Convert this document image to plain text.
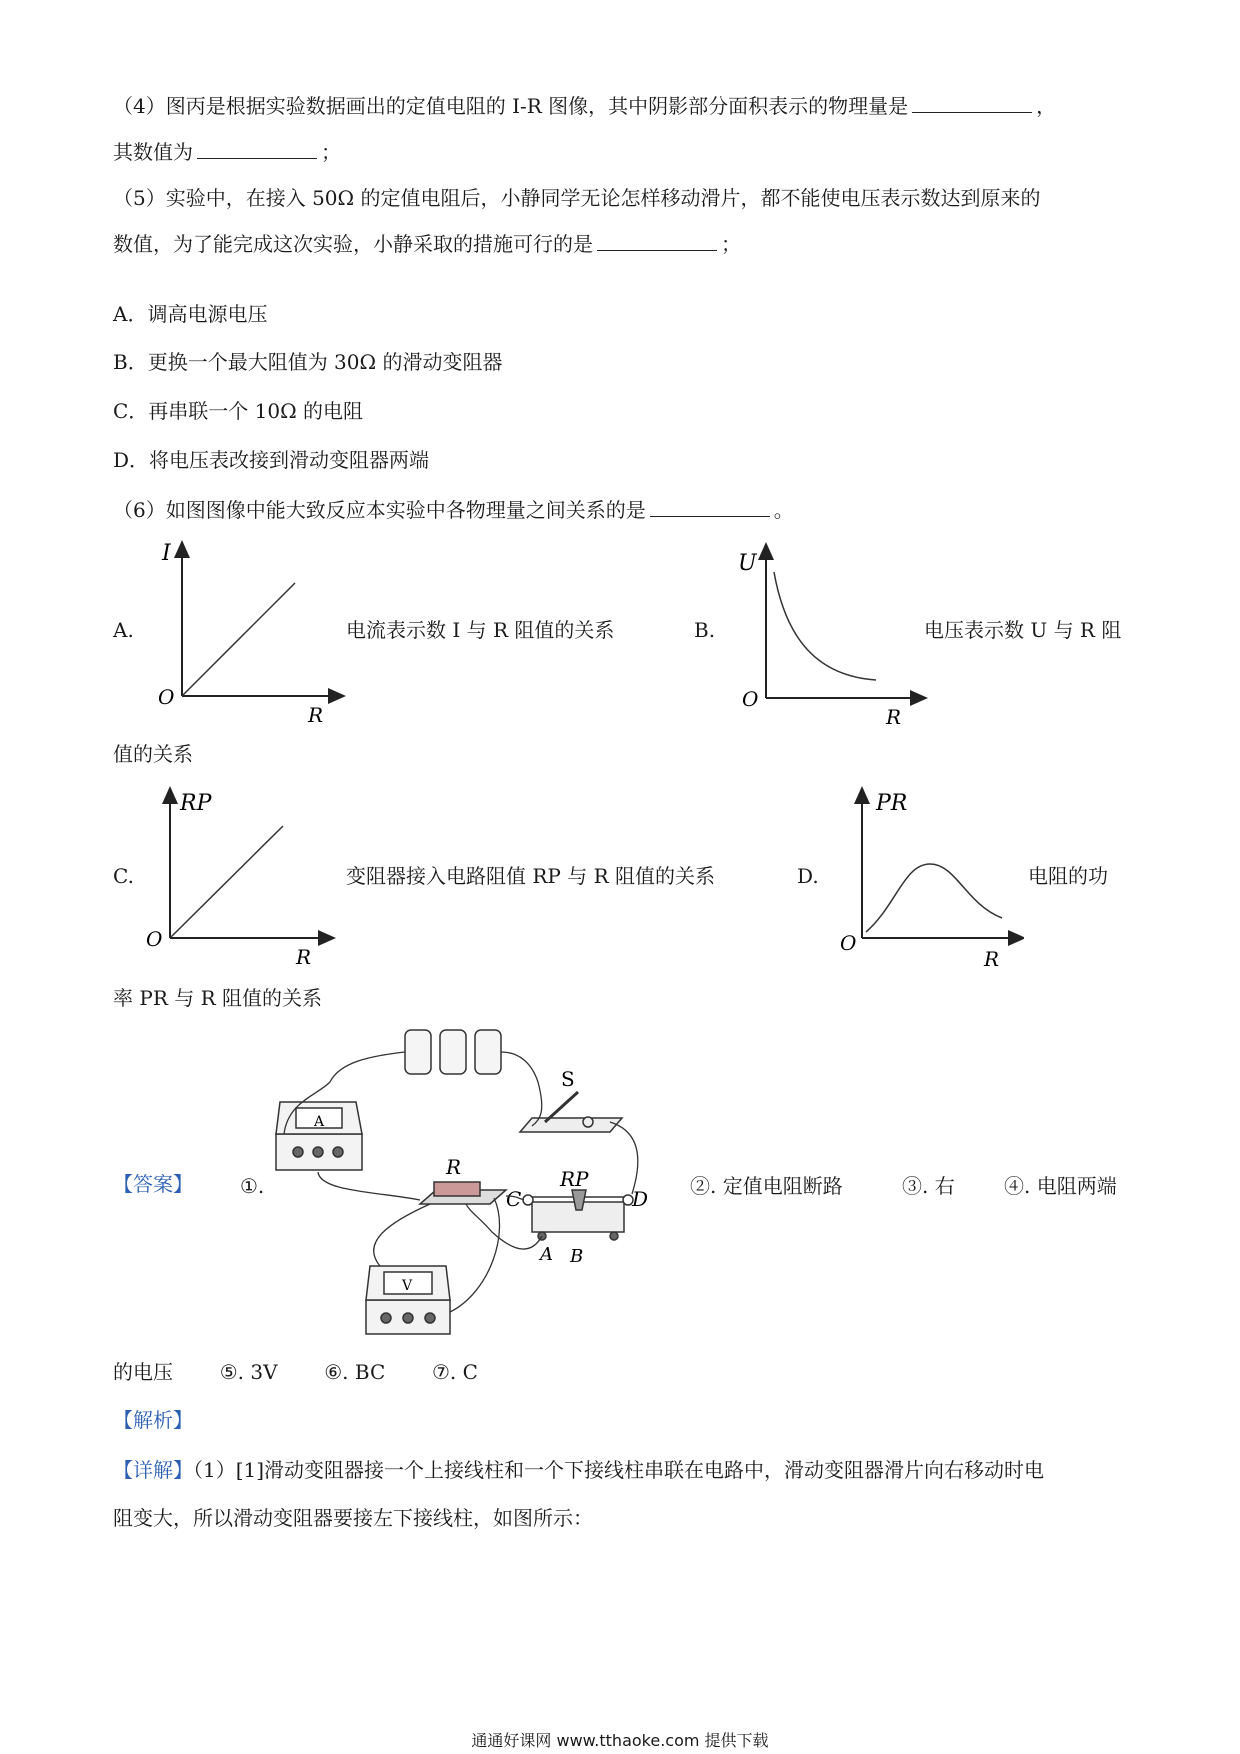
（4）图丙是根据实验数据画出的定值电阻的 I-R 图像，其中阴影部分面积表示的物理量是	，
其数值为	；
（5）实验中，在接入 50Ω 的定值电阻后，小静同学无论怎样移动滑片，都不能使电压表示数达到原来的
数值，为了能完成这次实验，小静采取的措施可行的是	；
A．调高电源电压
B．更换一个最大阻值为 30Ω 的滑动变阻器
C．再串联一个 10Ω 的电阻
D．将电压表改接到滑动变阻器两端
（6）如图图像中能大致反应本实验中各物理量之间关系的是	。
A.
I
O
R
电流表示数 I 与 R 阻值的关系	B.
U
O
R
电压表示数 U 与 R 阻
值的关系
C.
RP
O
R
变阻器接入电路阻值 RP 与 R 阻值的关系	D.
PR
O
R
电阻的功
率 PR 与 R 阻值的关系
【答案】 ①.
S
A
R	RP
C	D
A B
V
②. 定值电阻断路	③. 右 ④. 电阻两端
的电压 ⑤. 3V ⑥. BC ⑦. C
【解析】
【详解】（1）[1]滑动变阻器接一个上接线柱和一个下接线柱串联在电路中，滑动变阻器滑片向右移动时电
阻变大，所以滑动变阻器要接左下接线柱，如图所示：
通通好课网 www.tthaoke.com 提供下载
